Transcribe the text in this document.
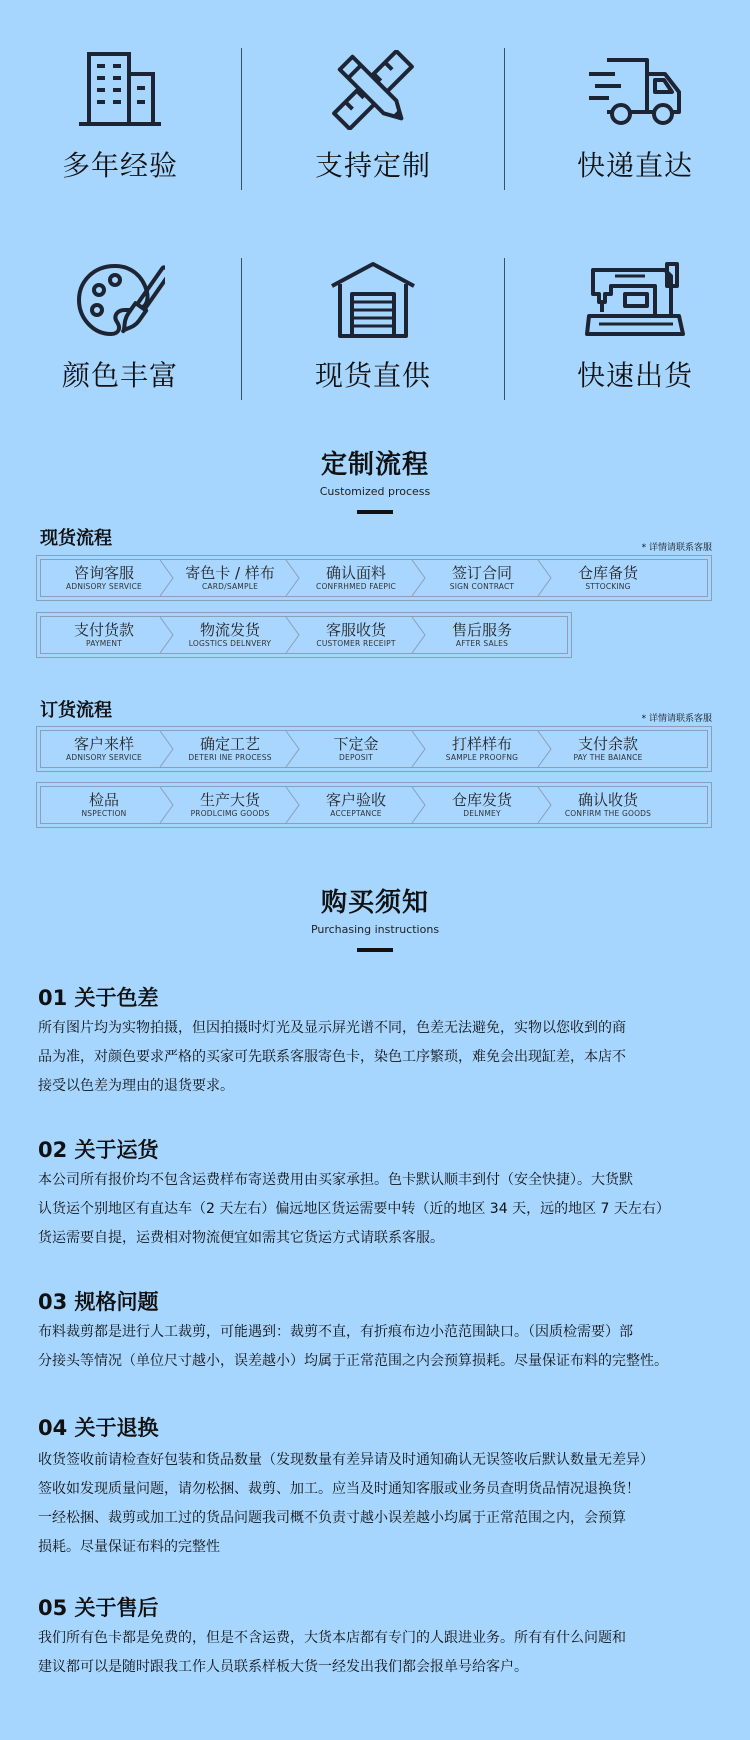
多年经验	支持定制	快递直达
颜色丰富	现货直供	快速出货
定制流程
Customized process
现货流程	* 详情请联系客服
咨询客服
ADNISORY SERVICE
寄色卡 / 样布
CARD/SAMPLE
确认面料
CONFRHMED FAEPIC
签订合同
SIGN CONTRACT
仓库备货
STTOCKING
支付货款
PAYMENT
物流发货
LOGSTICS DELNVERY
客服收货
CUSTOMER RECEIPT
售后服务
AFTER SALES
订货流程	* 详情请联系客服
客户来样
ADNISORY SERVICE
确定工艺
DETERI INE PROCESS
下定金
DEPOSIT
打样样布
SAMPLE PROOFNG
支付余款
PAY THE BAIANCE
检品
NSPECTION
生产大货
PRODLCIMG GOODS
客户验收
ACCEPTANCE
仓库发货
DELNMEY
确认收货
CONFIRM THE GOODS
购买须知
Purchasing instructions
01 关于色差
所有图片均为实物拍摄，但因拍摄时灯光及显示屏光谱不同，色差无法避免，实物以您收到的商
品为准，对颜色要求严格的买家可先联系客服寄色卡，染色工序繁琐，难免会出现缸差，本店不
接受以色差为理由的退货要求。
02 关于运货
本公司所有报价均不包含运费样布寄送费用由买家承担。色卡默认顺丰到付（安全快捷）。大货默
认货运个别地区有直达车（2 天左右）偏远地区货运需要中转（近的地区 34 天，远的地区 7 天左右）
货运需要自提，运费相对物流便宜如需其它货运方式请联系客服。
03 规格问题
布料裁剪都是进行人工裁剪，可能遇到：裁剪不直，有折痕布边小范范围缺口。（因质检需要）部
分接头等情况（单位尺寸越小，误差越小）均属于正常范围之内会预算损耗。尽量保证布料的完整性。
04 关于退换
收货签收前请检查好包装和货品数量（发现数量有差异请及时通知确认无误签收后默认数量无差异）
签收如发现质量问题，请勿松捆、裁剪、加工。应当及时通知客服或业务员查明货品情况退换货！
一经松捆、裁剪或加工过的货品问题我司概不负责寸越小误差越小均属于正常范围之内，会预算
损耗。尽量保证布料的完整性
05 关于售后
我们所有色卡都是免费的，但是不含运费，大货本店都有专门的人跟进业务。所有有什么问题和
建议都可以是随时跟我工作人员联系样板大货一经发出我们都会报单号给客户。
